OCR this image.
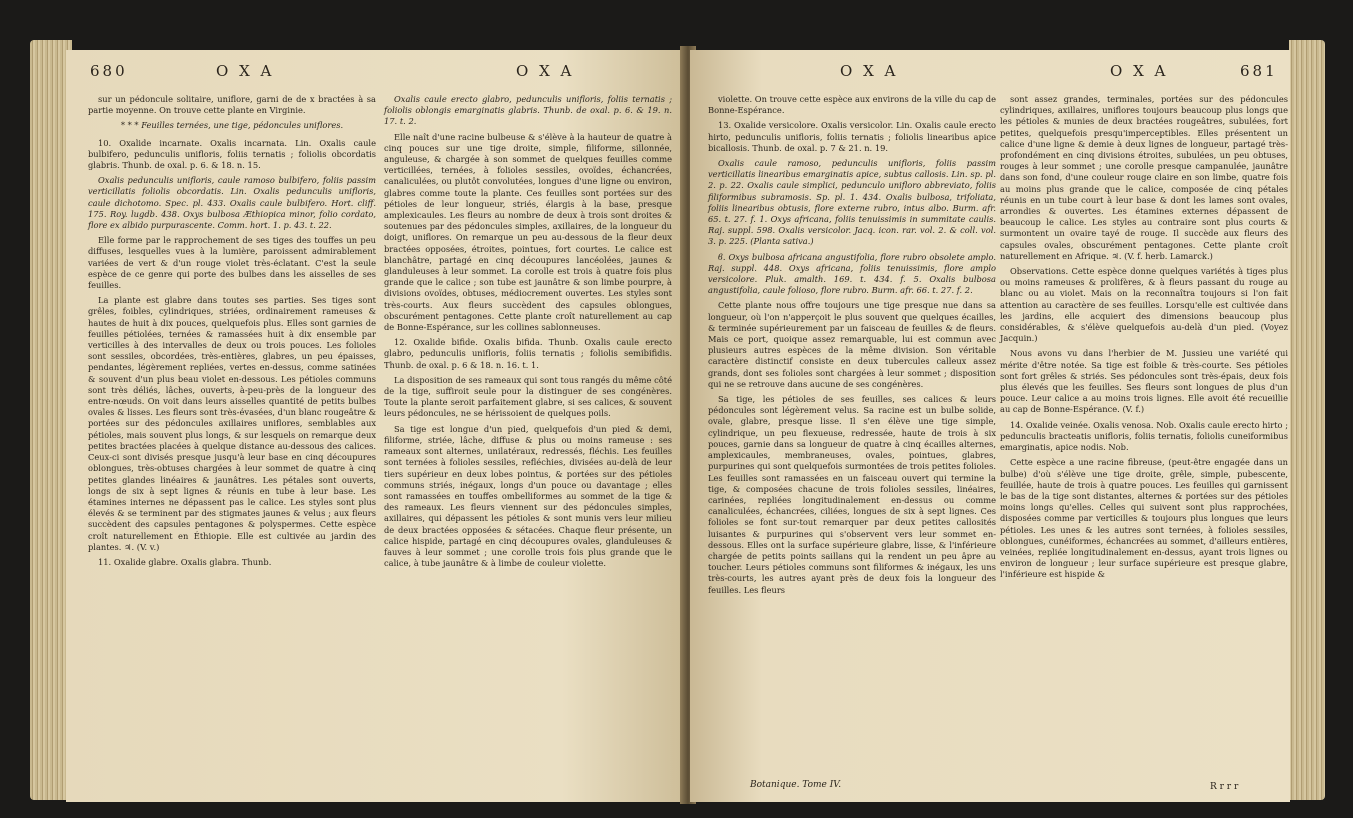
680	O X A	O X A

sur un pédoncule solitaire, uniflore, garni de de x bractées à sa partie moyenne. On trouve cette plante en Virginie.

* * * Feuilles ternées, une tige, pédoncules uniflores.

10. Oxalide incarnate. Oxalis incarnata. Lin. Oxalis caule bulbifero, pedunculis unifloris, foliis ternatis ; foliolis obcordatis glabris. Thunb. de oxal. p. 6. & 18. n. 15.

Oxalis pedunculis unifloris, caule ramoso bulbifero, foliis passim verticillatis foliolis obcordatis. Lin. Oxalis pedunculis unifloris, caule dichotomo. Spec. pl. 433. Oxalis caule bulbifero. Hort. cliff. 175. Roy. lugdb. 438. Oxys bulbosa Æthiopica minor, folio cordato, flore ex albido purpurascente. Comm. hort. 1. p. 43. t. 22.

Elle forme par le rapprochement de ses tiges des touffes un peu diffuses, lesquelles vues à la lumière, paroissent admirablement variées de vert & d'un rouge violet très-éclatant. C'est la seule espèce de ce genre qui porte des bulbes dans les aisselles de ses feuilles.

La plante est glabre dans toutes ses parties. Ses tiges sont grêles, foibles, cylindriques, striées, ordinairement rameuses & hautes de huit à dix pouces, quelquefois plus. Elles sont garnies de feuilles pétiolées, ternées & ramassées huit à dix ensemble par verticilles à des intervalles de deux ou trois pouces. Les folioles sont sessiles, obcordées, très-entières, glabres, un peu épaisses, pendantes, légèrement repliées, vertes en-dessus, comme satinées & souvent d'un plus beau violet en-dessous. Les pétioles communs sont très déliés, lâches, ouverts, à-peu-près de la longueur des entre-nœuds. On voit dans leurs aisselles quantité de petits bulbes ovales & lisses. Les fleurs sont très-évasées, d'un blanc rougeâtre & portées sur des pédoncules axillaires uniflores, semblables aux pétioles, mais souvent plus longs, & sur lesquels on remarque deux petites bractées placées à quelque distance au-dessous des calices. Ceux-ci sont divisés presque jusqu'à leur base en cinq découpures oblongues, très-obtuses chargées à leur sommet de quatre à cinq petites glandes linéaires & jaunâtres. Les pétales sont ouverts, longs de six à sept lignes & réunis en tube à leur base. Les étamines internes ne dépassent pas le calice. Les styles sont plus élevés & se terminent par des stigmates jaunes & velus ; aux fleurs succèdent des capsules pentagones & polyspermes. Cette espèce croît naturellement en Éthiopie. Elle est cultivée au jardin des plantes. ♃. (V. v.)

11. Oxalide glabre. Oxalis glabra. Thunb.

Oxalis caule erecto glabro, pedunculis unifloris, foliis ternatis ; foliolis oblongis emarginatis glabris. Thunb. de oxal. p. 6. & 19. n. 17. t. 2.

Elle naît d'une racine bulbeuse & s'élève à la hauteur de quatre à cinq pouces sur une tige droite, simple, filiforme, sillonnée, anguleuse, & chargée à son sommet de quelques feuilles comme verticillées, ternées, à folioles sessiles, ovoïdes, échancrées, canaliculées, ou plutôt convolutées, longues d'une ligne ou environ, glabres comme toute la plante. Ces feuilles sont portées sur des pétioles de leur longueur, striés, élargis à la base, presque amplexicaules. Les fleurs au nombre de deux à trois sont droites & soutenues par des pédoncules simples, axillaires, de la longueur du doigt, uniflores. On remarque un peu au-dessous de la fleur deux bractées opposées, étroites, pointues, fort courtes. Le calice est blanchâtre, partagé en cinq découpures lancéolées, jaunes & glanduleuses à leur sommet. La corolle est trois à quatre fois plus grande que le calice ; son tube est jaunâtre & son limbe pourpre, à divisions ovoïdes, obtuses, médiocrement ouvertes. Les styles sont très-courts. Aux fleurs succèdent des capsules oblongues, obscurément pentagones. Cette plante croît naturellement au cap de Bonne-Espérance, sur les collines sablonneuses.

12. Oxalide bifide. Oxalis bifida. Thunb. Oxalis caule erecto glabro, pedunculis unifloris, foliis ternatis ; foliolis semibifidis. Thunb. de oxal. p. 6 & 18. n. 16. t. 1.

La disposition de ses rameaux qui sont tous rangés du même côté de la tige, suffiroit seule pour la distinguer de ses congénères. Toute la plante seroit parfaitement glabre, si ses calices, & souvent leurs pédoncules, ne se hérissoient de quelques poils.

Sa tige est longue d'un pied, quelquefois d'un pied & demi, filiforme, striée, lâche, diffuse & plus ou moins rameuse : ses rameaux sont alternes, unilatéraux, redressés, fléchis. Les feuilles sont ternées à folioles sessiles, refléchies, divisées au-delà de leur tiers supérieur en deux lobes pointus, & portées sur des pétioles communs striés, inégaux, longs d'un pouce ou davantage ; elles sont ramassées en touffes ombelliformes au sommet de la tige & des rameaux. Les fleurs viennent sur des pédoncules simples, axillaires, qui dépassent les pétioles & sont munis vers leur milieu de deux bractées opposées & sétacées. Chaque fleur présente, un calice hispide, partagé en cinq découpures ovales, glanduleuses & fauves à leur sommet ; une corolle trois fois plus grande que le calice, à tube jaunâtre & à limbe de couleur violette.

O X A	O X A	681

violette. On trouve cette espèce aux environs de la ville du cap de Bonne-Espérance.

13. Oxalide versicolore. Oxalis versicolor. Lin. Oxalis caule erecto hirto, pedunculis unifloris, foliis ternatis ; foliolis linearibus apice bicallosis. Thunb. de oxal. p. 7 & 21. n. 19.

Oxalis caule ramoso, pedunculis unifloris, foliis passim verticillatis linearibus emarginatis apice, subtus callosis. Lin. sp. pl. 2. p. 22. Oxalis caule simplici, pedunculo unifloro abbreviato, foliis filiformibus subramosis. Sp. pl. 1. 434. Oxalis bulbosa, trifoliata, foliis linearibus obtusis, flore externe rubro, intus albo. Burm. afr. 65. t. 27. f. 1. Oxys africana, foliis tenuissimis in summitate caulis. Raj. suppl. 598. Oxalis versicolor. Jacq. icon. rar. vol. 2. & coll. vol. 3. p. 225. (Planta sativa.)

ϐ. Oxys bulbosa africana angustifolia, flore rubro obsolete amplo. Raj. suppl. 448. Oxys africana, foliis tenuissimis, flore amplo versicolore. Pluk. amalth. 169. t. 434. f. 5. Oxalis bulbosa angustifolia, caule folioso, flore rubro. Burm. afr. 66. t. 27. f. 2.

Cette plante nous offre toujours une tige presque nue dans sa longueur, où l'on n'apperçoit le plus souvent que quelques écailles, & terminée supérieurement par un faisceau de feuilles & de fleurs. Mais ce port, quoique assez remarquable, lui est commun avec plusieurs autres espèces de la même division. Son véritable caractère distinctif consiste en deux tubercules calleux assez grands, dont ses folioles sont chargées à leur sommet ; disposition qui ne se retrouve dans aucune de ses congénères.

Sa tige, les pétioles de ses feuilles, ses calices & leurs pédoncules sont légèrement velus. Sa racine est un bulbe solide, ovale, glabre, presque lisse. Il s'en élève une tige simple, cylindrique, un peu flexueuse, redressée, haute de trois à six pouces, garnie dans sa longueur de quatre à cinq écailles alternes, amplexicaules, membraneuses, ovales, pointues, glabres, purpurines qui sont quelquefois surmontées de trois petites folioles. Les feuilles sont ramassées en un faisceau ouvert qui termine la tige, & composées chacune de trois folioles sessiles, linéaires, carinées, repliées longitudinalement en-dessus ou comme canaliculées, échancrées, ciliées, longues de six à sept lignes. Ces folioles se font sur-tout remarquer par deux petites callosités luisantes & purpurines qui s'observent vers leur sommet en-dessous. Elles ont la surface supérieure glabre, lisse, & l'inférieure chargée de petits points saillans qui la rendent un peu âpre au toucher. Leurs pétioles communs sont filiformes & inégaux, les uns très-courts, les autres ayant près de deux fois la longueur des feuilles. Les fleurs

sont assez grandes, terminales, portées sur des pédoncules cylindriques, axillaires, uniflores toujours beaucoup plus longs que les pétioles & munies de deux bractées rougeâtres, subulées, fort petites, quelquefois presqu'imperceptibles. Elles présentent un calice d'une ligne & demie à deux lignes de longueur, partagé très-profondément en cinq divisions étroites, subulées, un peu obtuses, rouges à leur sommet ; une corolle presque campanulée, jaunâtre dans son fond, d'une couleur rouge claire en son limbe, quatre fois au moins plus grande que le calice, composée de cinq pétales réunis en un tube court à leur base & dont les lames sont ovales, arrondies & ouvertes. Les étamines externes dépassent de beaucoup le calice. Les styles au contraire sont plus courts & surmontent un ovaire tayé de rouge. Il succède aux fleurs des capsules ovales, obscurément pentagones. Cette plante croît naturellement en Afrique. ♃. (V. f. herb. Lamarck.)

Observations. Cette espèce donne quelques variétés à tiges plus ou moins rameuses & prolifères, & à fleurs passant du rouge au blanc ou au violet. Mais on la reconnaîtra toujours si l'on fait attention au caractère de ses feuilles. Lorsqu'elle est cultivée dans les jardins, elle acquiert des dimensions beaucoup plus considérables, & s'élève quelquefois au-delà d'un pied. (Voyez Jacquin.)

Nous avons vu dans l'herbier de M. Jussieu une variété qui mérite d'être notée. Sa tige est foible & très-courte. Ses pétioles sont fort grêles & striés. Ses pédoncules sont très-épais, deux fois plus élevés que les feuilles. Ses fleurs sont longues de plus d'un pouce. Leur calice a au moins trois lignes. Elle avoit été recueillie au cap de Bonne-Espérance. (V. f.)

14. Oxalide veinée. Oxalis venosa. Nob. Oxalis caule erecto hirto ; pedunculis bracteatis unifloris, foliis ternatis, foliolis cuneiformibus emarginatis, apice nodis. Nob.

Cette espèce a une racine fibreuse, (peut-être engagée dans un bulbe) d'où s'élève une tige droite, grêle, simple, pubescente, feuillée, haute de trois à quatre pouces. Les feuilles qui garnissent le bas de la tige sont distantes, alternes & portées sur des pétioles moins longs qu'elles. Celles qui suivent sont plus rapprochées, disposées comme par verticilles & toujours plus longues que leurs pétioles. Les unes & les autres sont ternées, à folioles sessiles, oblongues, cunéiformes, échancrées au sommet, d'ailleurs entières, veinées, repliée longitudinalement en-dessus, ayant trois lignes ou environ de longueur ; leur surface supérieure est presque glabre, l'inférieure est hispide &

Botanique. Tome IV.	R r r r
